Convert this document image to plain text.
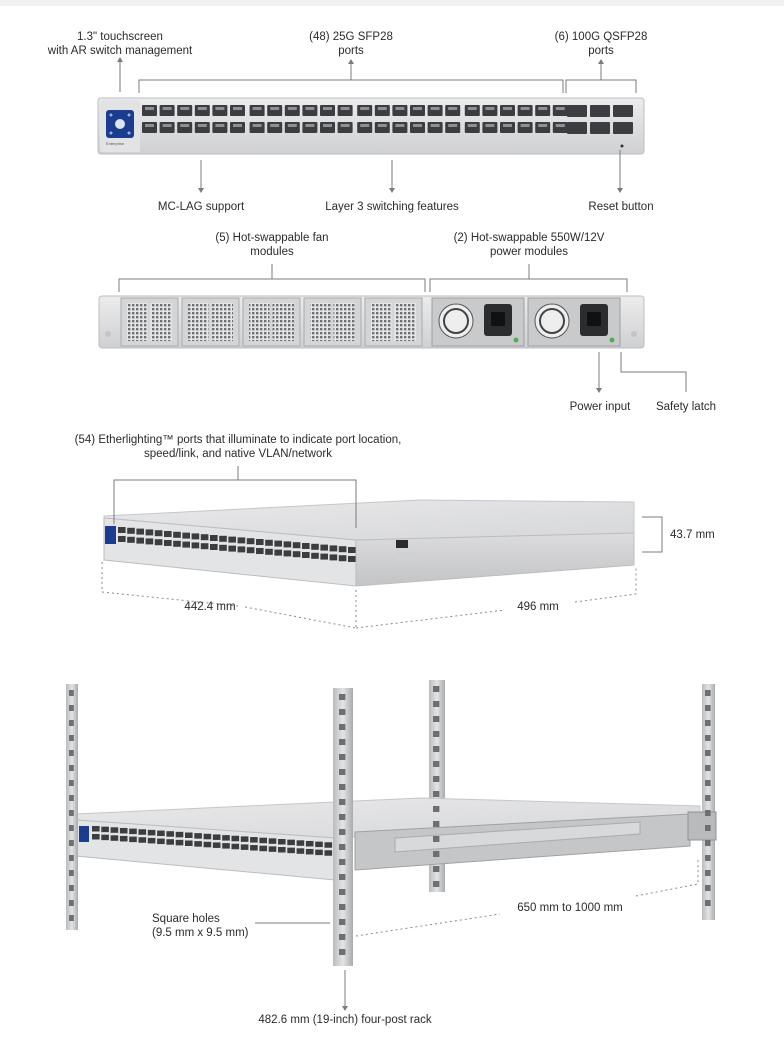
Enterprise
1.3" touchscreen
with AR switch management
(48) 25G SFP28
ports
(6) 100G QSFP28
ports
MC-LAG support	Layer 3 switching features	Reset button
(5) Hot-swappable fan
modules
(2) Hot-swappable 550W/12V
power modules
Power input	Safety latch
(54) Etherlighting™ ports that illuminate to indicate port location,
speed/link, and native VLAN/network
43.7 mm
442.4 mm	496 mm
Square holes
(9.5 mm x 9.5 mm)
650 mm to 1000 mm
482.6 mm (19-inch) four-post rack
